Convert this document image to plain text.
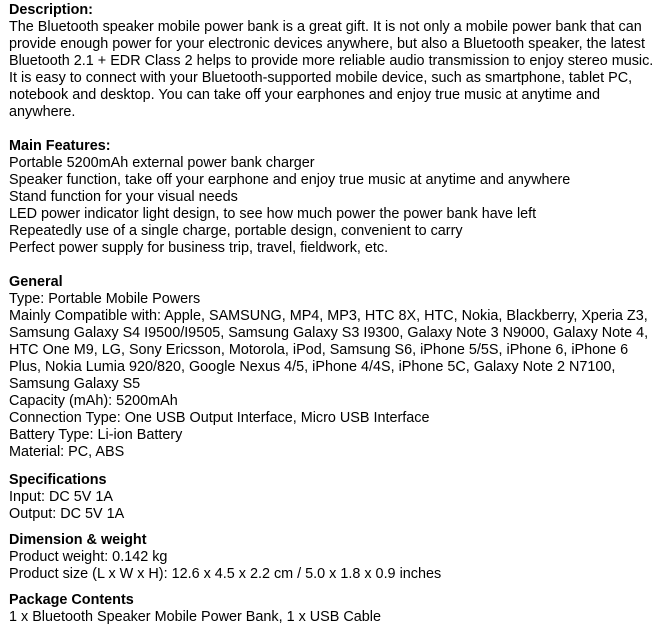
Description:
The Bluetooth speaker mobile power bank is a great gift. It is not only a mobile power bank that can provide enough power for your electronic devices anywhere, but also a Bluetooth speaker, the latest Bluetooth 2.1 + EDR Class 2 helps to provide more reliable audio transmission to enjoy stereo music. It is easy to connect with your Bluetooth-supported mobile device, such as smartphone, tablet PC, notebook and desktop. You can take off your earphones and enjoy true music at anytime and anywhere.
Main Features:
Portable 5200mAh external power bank charger
Speaker function, take off your earphone and enjoy true music at anytime and anywhere
Stand function for your visual needs
LED power indicator light design, to see how much power the power bank have left
Repeatedly use of a single charge, portable design, convenient to carry
Perfect power supply for business trip, travel, fieldwork, etc.
General
Type: Portable Mobile Powers
Mainly Compatible with: Apple, SAMSUNG, MP4, MP3, HTC 8X, HTC, Nokia, Blackberry, Xperia Z3, Samsung Galaxy S4 I9500/I9505, Samsung Galaxy S3 I9300, Galaxy Note 3 N9000, Galaxy Note 4, HTC One M9, LG, Sony Ericsson, Motorola, iPod, Samsung S6, iPhone 5/5S, iPhone 6, iPhone 6 Plus, Nokia Lumia 920/820, Google Nexus 4/5, iPhone 4/4S, iPhone 5C, Galaxy Note 2 N7100, Samsung Galaxy S5
Capacity (mAh): 5200mAh
Connection Type: One USB Output Interface, Micro USB Interface
Battery Type: Li-ion Battery
Material: PC, ABS
Specifications
Input: DC 5V 1A
Output: DC 5V 1A
Dimension & weight
Product weight: 0.142 kg
Product size (L x W x H): 12.6 x 4.5 x 2.2 cm / 5.0 x 1.8 x 0.9 inches
Package Contents
1 x Bluetooth Speaker Mobile Power Bank, 1 x USB Cable
